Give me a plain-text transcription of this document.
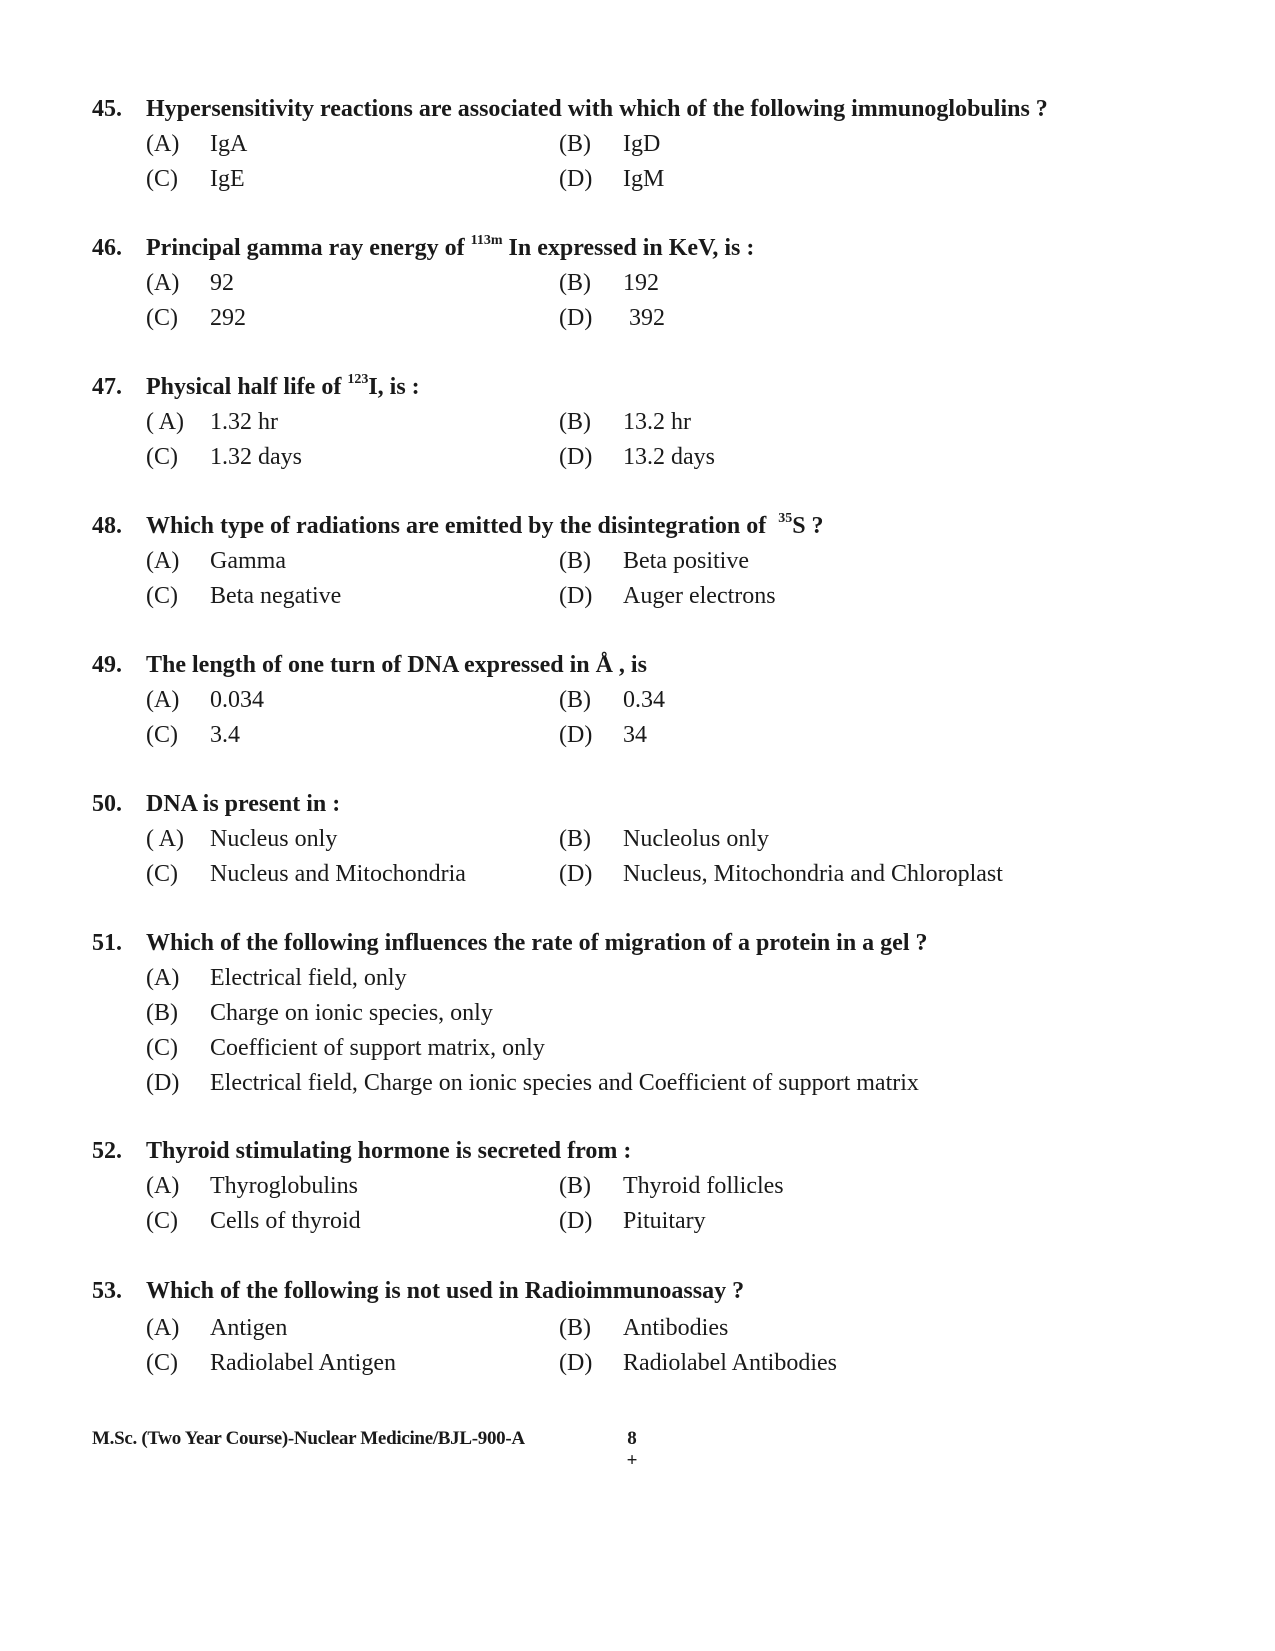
45.	Hypersensitivity reactions are associated with which of the following immunoglobulins ?
(A)	IgA	(B)	IgD
(C)	IgE	(D)	IgM
46.	Principal gamma ray energy of $^{113m}$ In expressed in KeV, is :
(A)	92	(B)	192
(C)	292	(D)	392
47.	Physical half life of $^{123}$I, is :
( A)	1.32 hr	(B)	13.2 hr
(C)	1.32 days	(D)	13.2 days
48.	Which type of radiations are emitted by the disintegration of  $^{35}$S ?
(A)	Gamma	(B)	Beta positive
(C)	Beta negative	(D)	Auger electrons
49.	The length of one turn of DNA expressed in Å , is
(A)	0.034	(B)	0.34
(C)	3.4	(D)	34
50.	DNA is present in :
( A)	Nucleus only	(B)	Nucleolus only
(C)	Nucleus and Mitochondria	(D)	Nucleus, Mitochondria and Chloroplast
51.	Which of the following influences the rate of migration of a protein in a gel ?
(A)	Electrical field, only
(B)	Charge on ionic species, only
(C)	Coefficient of support matrix, only
(D)	Electrical field, Charge on ionic species and Coefficient of support matrix
52.	Thyroid stimulating hormone is secreted from :
(A)	Thyroglobulins	(B)	Thyroid follicles
(C)	Cells of thyroid	(D)	Pituitary
53.	Which of the following is not used in Radioimmunoassay ?
(A)	Antigen	(B)	Antibodies
(C)	Radiolabel Antigen	(D)	Radiolabel Antibodies
M.Sc. (Two Year Course)-Nuclear Medicine/BJL-900-A	8
+
